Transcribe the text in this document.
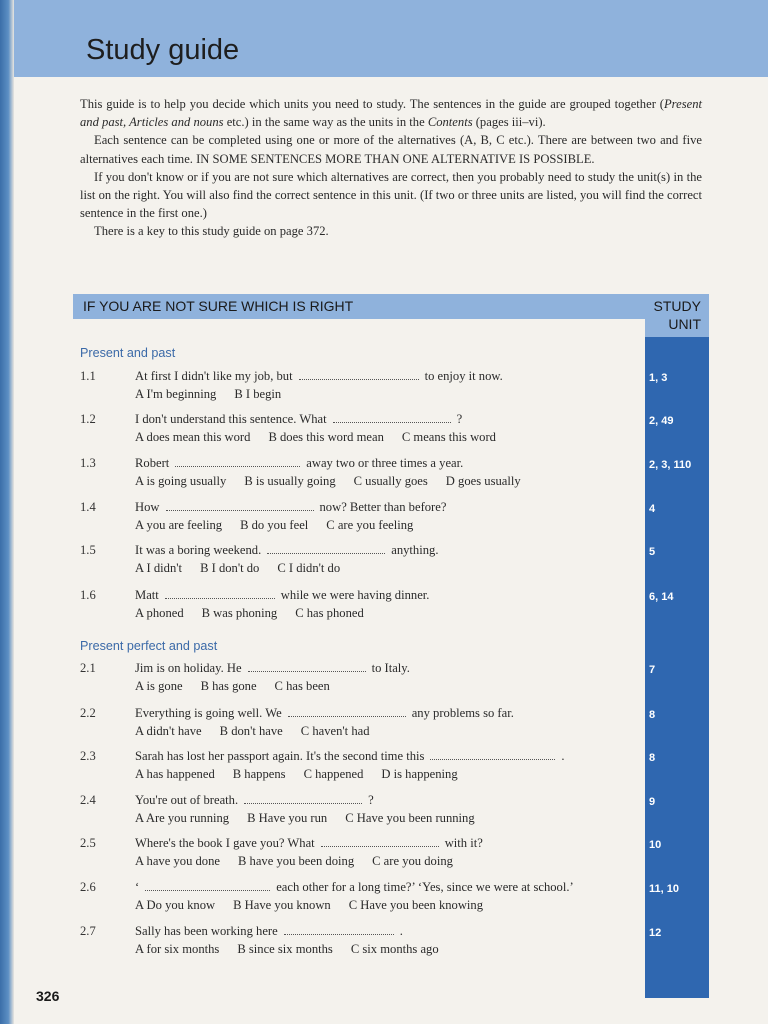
Study guide

This guide is to help you decide which units you need to study. The sentences in the guide are grouped together (Present and past, Articles and nouns etc.) in the same way as the units in the Contents (pages iii–vi).

Each sentence can be completed using one or more of the alternatives (A, B, C etc.). There are between two and five alternatives each time. IN SOME SENTENCES MORE THAN ONE ALTERNATIVE IS POSSIBLE.

If you don't know or if you are not sure which alternatives are correct, then you probably need to study the unit(s) in the list on the right. You will also find the correct sentence in this unit. (If two or three units are listed, you will find the correct sentence in the first one.)

There is a key to this study guide on page 372.

IF YOU ARE NOT SURE WHICH IS RIGHT	STUDY
UNIT
Present and past
Present perfect and past
1.1	At first I didn't like my job, but	to enjoy it now.
A I'm beginning B I begin
1, 3
1.2	I don't understand this sentence. What	?
A does mean this word B does this word mean C means this word
2, 49
1.3	Robert	away two or three times a year.
A is going usually B is usually going C usually goes D goes usually
2, 3, 110
1.4	How	now? Better than before?
A you are feeling B do you feel C are you feeling
4
1.5	It was a boring weekend.	anything.
A I didn't B I don't do C I didn't do
5
1.6	Matt	while we were having dinner.
A phoned B was phoning C has phoned
6, 14
2.1	Jim is on holiday. He	to Italy.
A is gone B has gone C has been
7
2.2	Everything is going well. We	any problems so far.
A didn't have B don't have C haven't had
8
2.3	Sarah has lost her passport again. It's the second time this	.
A has happened B happens C happened D is happening
8
2.4	You're out of breath.	?
A Are you running B Have you run C Have you been running
9
2.5	Where's the book I gave you? What	with it?
A have you done B have you been doing C are you doing
10
2.6	‘	each other for a long time?’ ‘Yes, since we were at school.’
A Do you know B Have you known C Have you been knowing
11, 10
2.7	Sally has been working here	.
A for six months B since six months C six months ago
12
326
